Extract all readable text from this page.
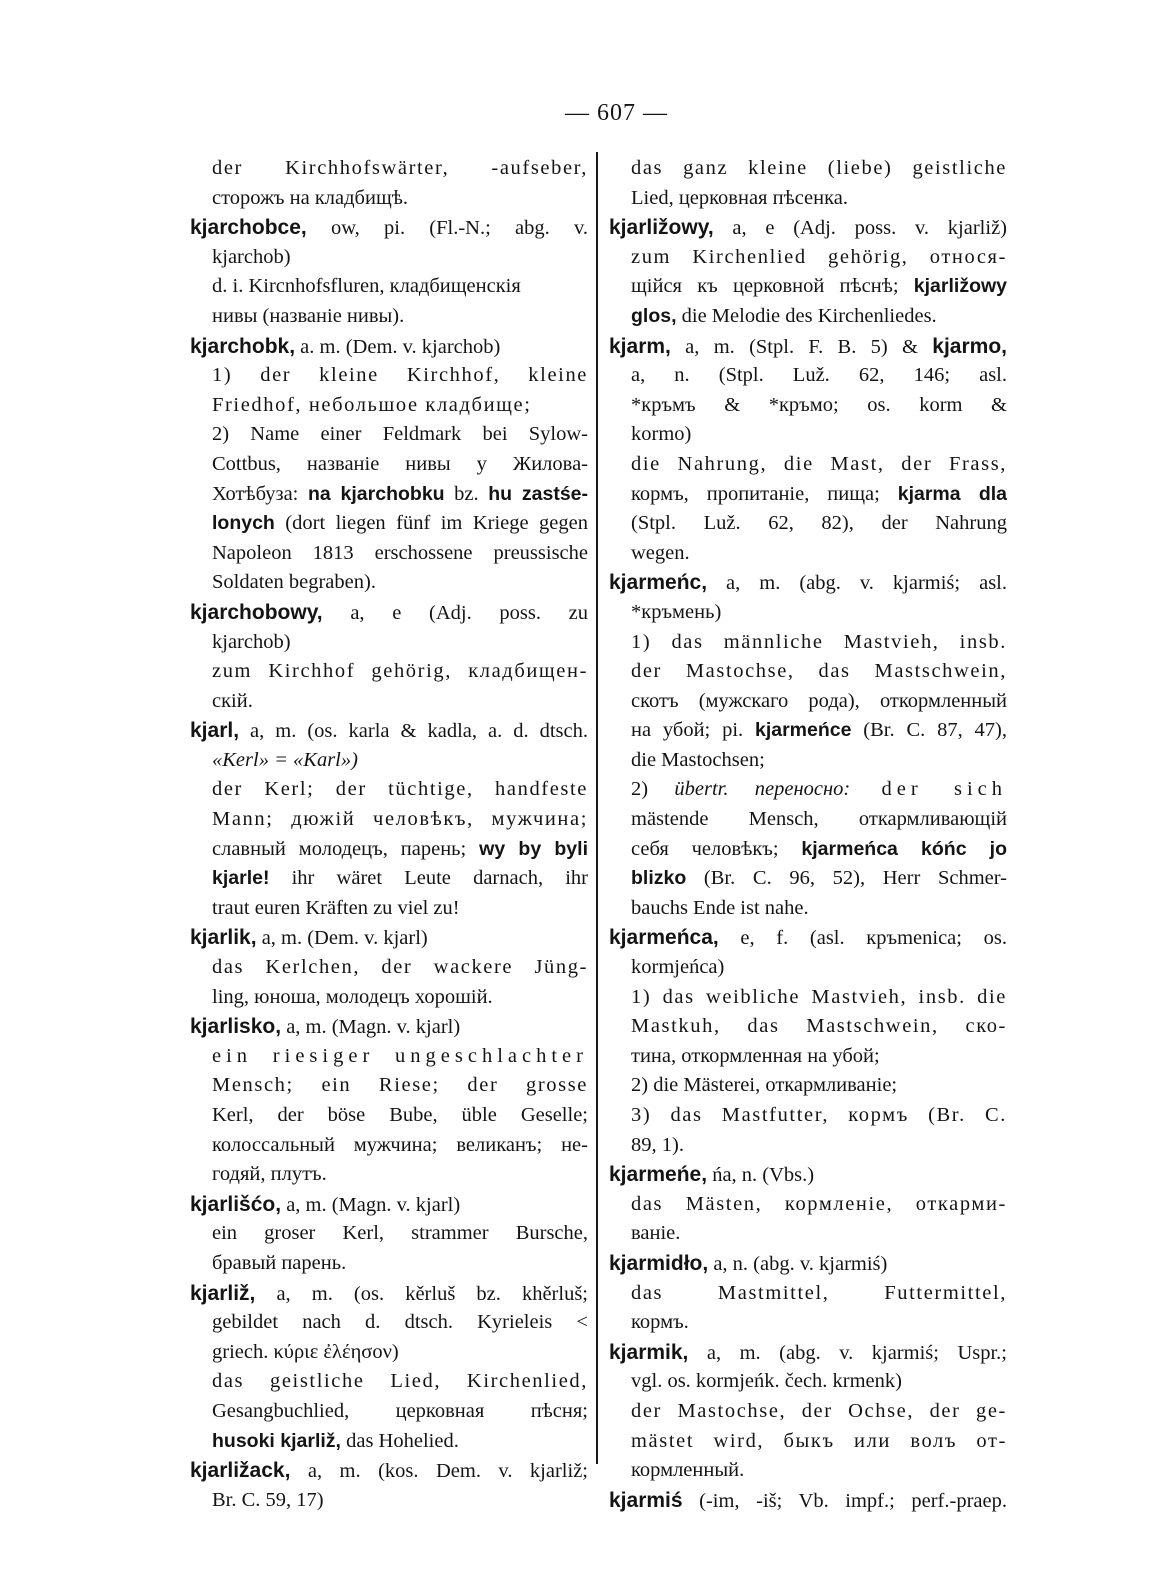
— 607 —
der Kirchhofswärter, -aufseber,
сторожъ на кладбищѣ.
kjarchobce, ow, pi. (Fl.-N.; abg. v.
kjarchob)
d. i. Kircnhofsfluren, кладбищенскія
нивы (названіе нивы).
kjarchobk, a. m. (Dem. v. kjarchob)
1) der kleine Kirchhof, kleine
Friedhof, небольшое кладбище;
2) Name einer Feldmark bei Sylow-
Cottbus, названіе нивы у Жилова-
Хотѣбуза: na kjarchobku bz. hu zastśe-
lonych (dort liegen fünf im Kriege gegen
Napoleon 1813 erschossene preussische
Soldaten begraben).
kjarchobowy, a, e (Adj. poss. zu
kjarchob)
zum Kirchhof gehörig, кладбищен-
скій.
kjarl, a, m. (os. karla & kadla, a. d. dtsch.
«Kerl» = «Karl»)
der Kerl; der tüchtige, handfeste
Mann; дюжій человѣкъ, мужчина;
славный молодецъ, парень; wy by byli
kjarle! ihr wäret Leute darnach, ihr
traut euren Kräften zu viel zu!
kjarlik, a, m. (Dem. v. kjarl)
das Kerlchen, der wackere Jüng-
ling, юноша, молодецъ хорошій.
kjarlisko, a, m. (Magn. v. kjarl)
ein riesiger ungeschlachter
Mensch; ein Riese; der grosse
Kerl, der böse Bube, üble Geselle;
колоссальный мужчина; великанъ; не-
годяй, плутъ.
kjarlišćo, a, m. (Magn. v. kjarl)
ein groser Kerl, strammer Bursche,
бравый парень.
kjarliž, a, m. (os. kěrluš bz. khěrluš;
gebildet nach d. dtsch. Kyrieleis <
griech. κύριε ἐλέησον)
das geistliche Lied, Kirchenlied,
Gesangbuchlied, церковная пѣсня;
husoki kjarliž, das Hohelied.
kjarližack, a, m. (kos. Dem. v. kjarliž;
Br. C. 59, 17)
das ganz kleine (liebe) geistliche
Lied, церковная пѣсенка.
kjarližowy, a, e (Adj. poss. v. kjarliž)
zum Kirchenlied gehörig, относя-
щійся къ церковной пѣснѣ; kjarližowy
glos, die Melodie des Kirchenliedes.
kjarm, a, m. (Stpl. F. B. 5) & kjarmo,
a, n. (Stpl. Luž. 62, 146; asl.
*кръмъ & *кръмо; os. korm &
kormo)
die Nahrung, die Mast, der Frass,
кормъ, пропитаніе, пища; kjarma dla
(Stpl. Luž. 62, 82), der Nahrung
wegen.
kjarmeńc, a, m. (abg. v. kjarmiś; asl.
*кръмень)
1) das männliche Mastvieh, insb.
der Mastochse, das Mastschwein,
скотъ (мужскаго рода), откормленный
на убой; pi. kjarmeńce (Br. C. 87, 47),
die Mastochsen;
2) übertr. переносно: der sich
mästende Mensch, откармливающій
себя человѣкъ; kjarmeńca kóńc jo
blizko (Br. C. 96, 52), Herr Schmer-
bauchs Ende ist nahe.
kjarmeńca, e, f. (asl. кръmenica; os.
kormjeńca)
1) das weibliche Mastvieh, insb. die
Mastkuh, das Mastschwein, ско-
тина, откормленная на убой;
2) die Mästerei, откармливаніе;
3) das Mastfutter, кормъ (Br. C.
89, 1).
kjarmeńe, ńa, n. (Vbs.)
das Mästen, кормленіе, откарми-
ваніе.
kjarmidło, a, n. (abg. v. kjarmiś)
das Mastmittel, Futtermittel,
кормъ.
kjarmik, a, m. (abg. v. kjarmiś; Uspr.;
vgl. os. kormjeńk. čech. krmenk)
der Mastochse, der Ochse, der ge-
mästet wird, быкъ или волъ от-
кормленный.
kjarmiś (-im, -iš; Vb. impf.; perf.-praep.
